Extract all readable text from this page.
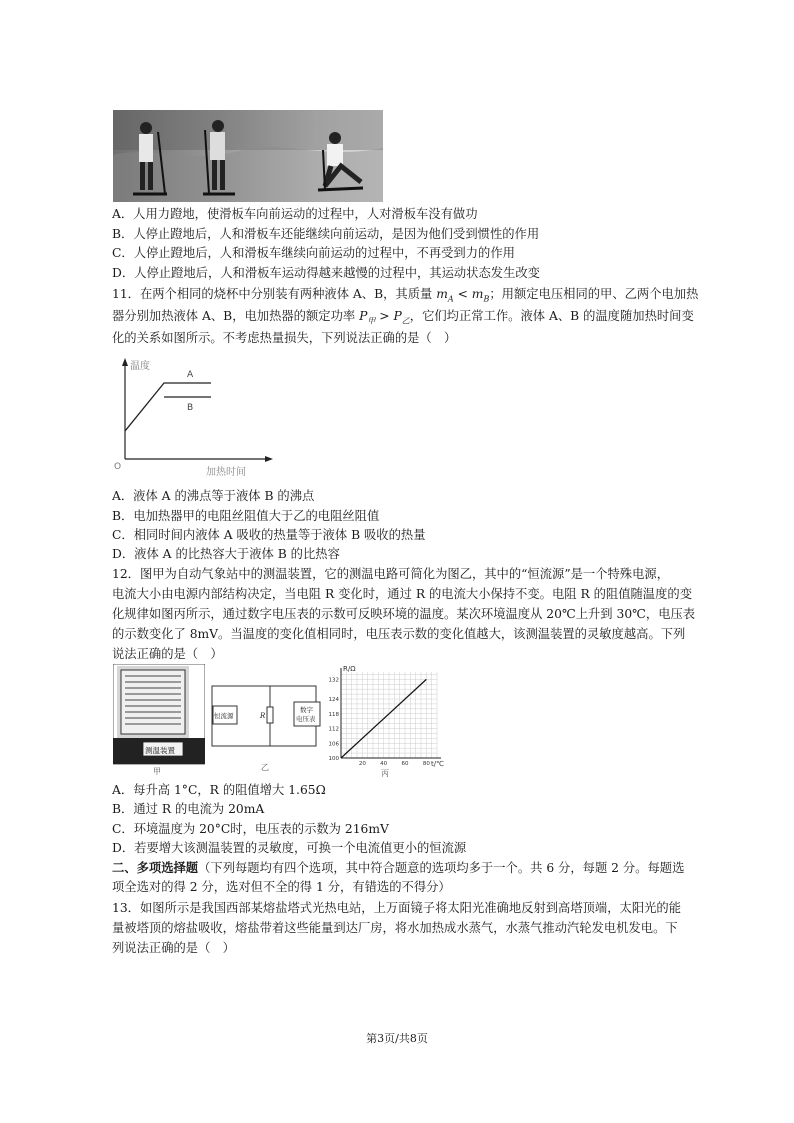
A．人用力蹬地，使滑板车向前运动的过程中，人对滑板车没有做功
B．人停止蹬地后，人和滑板车还能继续向前运动，是因为他们受到惯性的作用
C．人停止蹬地后，人和滑板车继续向前运动的过程中，不再受到力的作用
D．人停止蹬地后，人和滑板车运动得越来越慢的过程中，其运动状态发生改变
11．在两个相同的烧杯中分别装有两种液体 A、B，其质量 $m_A < m_B$；用额定电压相同的甲、乙两个电加热
器分别加热液体 A、B，电加热器的额定功率 $P_甲 > P_乙$，它们均正常工作。液体 A、B 的温度随加热时间变
化的关系如图所示。不考虑热量损失，下列说法正确的是（　）
温度
O	加热时间
A
B
A．液体 A 的沸点等于液体 B 的沸点
B．电加热器甲的电阻丝阻值大于乙的电阻丝阻值
C．相同时间内液体 A 吸收的热量等于液体 B 吸收的热量
D．液体 A 的比热容大于液体 B 的比热容
12．图甲为自动气象站中的测温装置，它的测温电路可简化为图乙，其中的“恒流源”是一个特殊电源，
电流大小由电源内部结构决定，当电阻 R 变化时，通过 R 的电流大小保持不变。电阻 R 的阻值随温度的变
化规律如图丙所示，通过数字电压表的示数可反映环境的温度。某次环境温度从 20℃上升到 30℃，电压表
的示数变化了 8mV。当温度的变化值相同时，电压表示数的变化值越大，该测温装置的灵敏度越高。下列
说法正确的是（　）
测温装置
甲
恒流源	R
数字
电压表
乙
100
106
112
118
124
132
20	40	60	80
R/Ω
t/℃
丙
A．每升高 1°C，R 的阻值增大 1.65Ω
B．通过 R 的电流为 20mA
C．环境温度为 20°C时，电压表的示数为 216mV
D．若要增大该测温装置的灵敏度，可换一个电流值更小的恒流源
二、多项选择题（下列每题均有四个选项，其中符合题意的选项均多于一个。共 6 分，每题 2 分。每题选
项全选对的得 2 分，选对但不全的得 1 分，有错选的不得分）
13．如图所示是我国西部某熔盐塔式光热电站，上万面镜子将太阳光准确地反射到高塔顶端，太阳光的能
量被塔顶的熔盐吸收，熔盐带着这些能量到达厂房，将水加热成水蒸气，水蒸气推动汽轮发电机发电。下
列说法正确的是（　）
第3页/共8页
